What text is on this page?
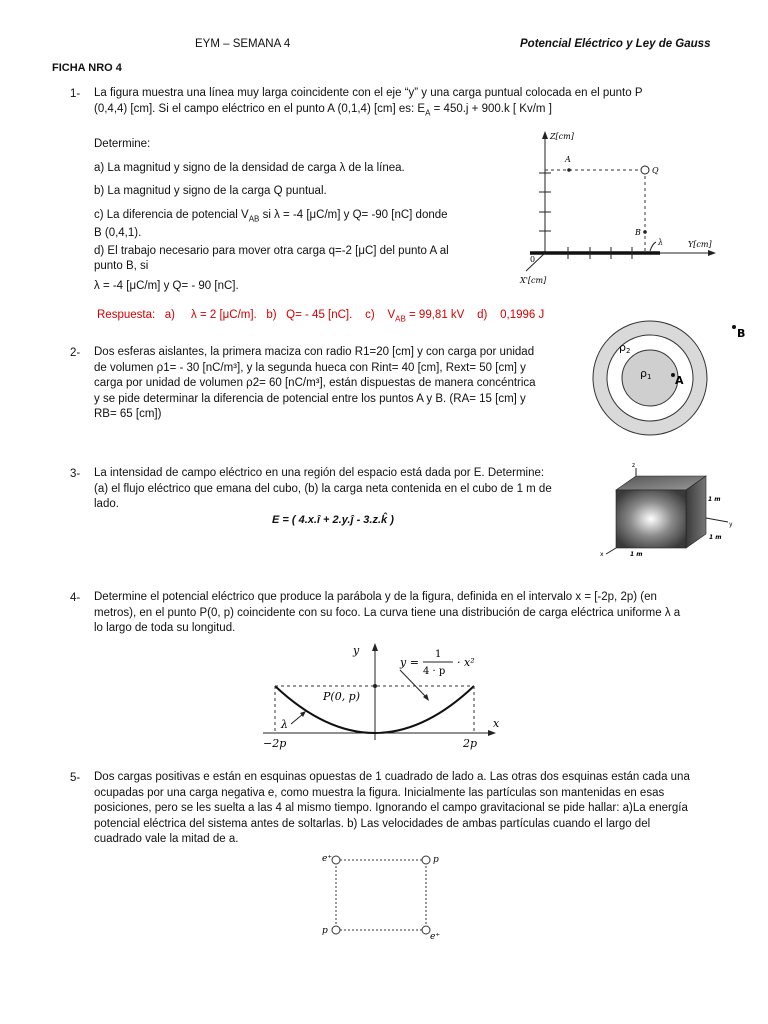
EYM – SEMANA 4	Potencial Eléctrico y Ley de Gauss
FICHA NRO 4
1- La figura muestra una línea muy larga coincidente con el eje “y” y una carga puntual colocada en el punto P
(0,4,4) [cm]. Si el campo eléctrico en el punto A (0,1,4) [cm] es: $E_A = 450.j + 900.k$ [ Kv/m ]
Determine:
a) La magnitud y signo de la densidad de carga λ de la línea.
b) La magnitud y signo de la carga Q puntual.
c) La diferencia de potencial $V_{AB}$ si λ = -4 [μC/m] y Q= -90 [nC] donde
B (0,4,1).
d) El trabajo necesario para mover otra carga q=-2 [μC] del punto A al
punto B, si
λ = -4 [μC/m] y Q= - 90 [nC].
Respuesta: a) λ = 2 [μC/m]. b) Q= - 45 [nC]. c) $V_{AB} = 99,81$ kV d) 0,1996 J
Z[cm]
Y[cm]
X'[cm]
0
A
Q
B
λ
2- Dos esferas aislantes, la primera maciza con radio R1=20 [cm] y con carga por unidad
de volumen ρ1= - 30 [nC/m³], y la segunda hueca con Rint= 40 [cm], Rext= 50 [cm] y
carga por unidad de volumen ρ2= 60 [nC/m³], están dispuestas de manera concéntrica
y se pide determinar la diferencia de potencial entre los puntos A y B. (RA= 15 [cm] y
RB= 65 [cm])
ρ2
ρ1 A
B
3- La intensidad de campo eléctrico en una región del espacio está dada por E. Determine:
(a) el flujo eléctrico que emana del cubo, (b) la carga neta contenida en el cubo de 1 m de
lado.
E = ( 4.x.î + 2.y.ĵ - 3.z.k̂ )
z
x
y
1 m
1 m
1 m
4- Determine el potencial eléctrico que produce la parábola y de la figura, definida en el intervalo x = [-2p, 2p) (en
metros), en el punto P(0, p) coincidente con su foco. La curva tiene una distribución de carga eléctrica uniforme λ a
lo largo de toda su longitud.
y
x
P(0, p)
y =
1
4 · p
· x²
λ
−2p	2p
5- Dos cargas positivas e están en esquinas opuestas de 1 cuadrado de lado a. Las otras dos esquinas están cada una
ocupadas por una carga negativa e, como muestra la figura. Inicialmente las partículas son mantenidas en esas
posiciones, pero se les suelta a las 4 al mismo tiempo. Ignorando el campo gravitacional se pide hallar: a)La energía
potencial eléctrica del sistema antes de soltarlas. b) Las velocidades de ambas partículas cuando el largo del
cuadrado vale la mitad de a.
e⁺	p
p
e⁺
